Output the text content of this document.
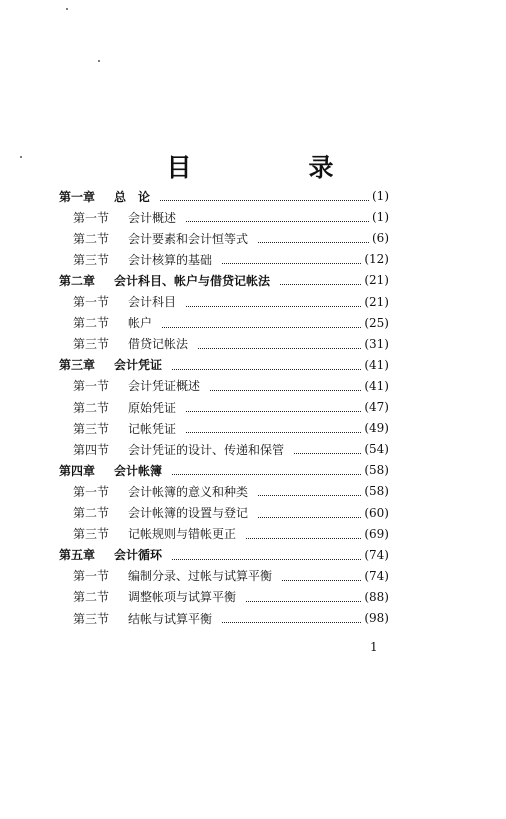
目　录
第一章	总　论	(1)
第一节	会计概述	(1)
第二节	会计要素和会计恒等式	(6)
第三节	会计核算的基础	(12)
第二章	会计科目、帐户与借贷记帐法	(21)
第一节	会计科目	(21)
第二节	帐户	(25)
第三节	借贷记帐法	(31)
第三章	会计凭证	(41)
第一节	会计凭证概述	(41)
第二节	原始凭证	(47)
第三节	记帐凭证	(49)
第四节	会计凭证的设计、传递和保管	(54)
第四章	会计帐簿	(58)
第一节	会计帐簿的意义和种类	(58)
第二节	会计帐簿的设置与登记	(60)
第三节	记帐规则与错帐更正	(69)
第五章	会计循环	(74)
第一节	编制分录、过帐与试算平衡	(74)
第二节	调整帐项与试算平衡	(88)
第三节	结帐与试算平衡	(98)
1
